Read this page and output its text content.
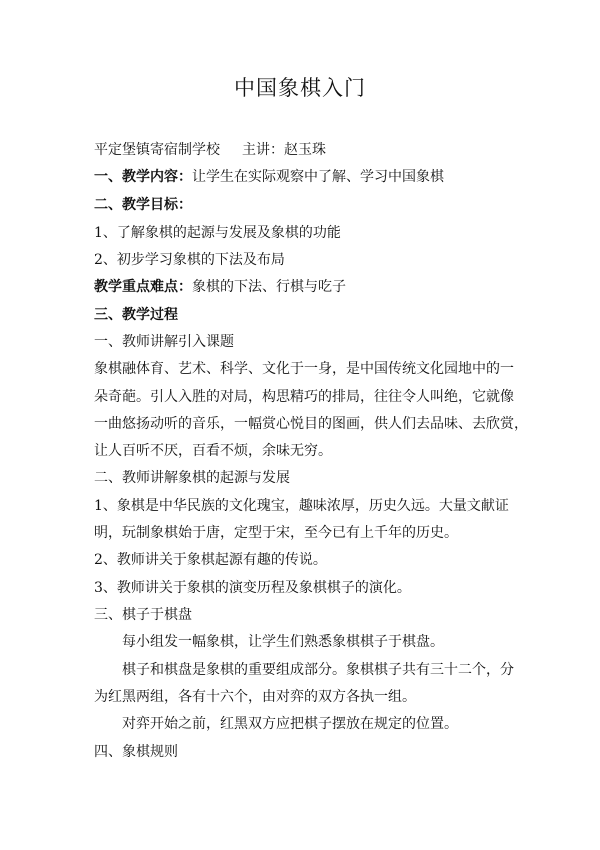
中国象棋入门
平定堡镇寄宿制学校 主讲：赵玉珠
一、教学内容：让学生在实际观察中了解、学习中国象棋
二、教学目标：
1、了解象棋的起源与发展及象棋的功能
2、初步学习象棋的下法及布局
教学重点难点：象棋的下法、行棋与吃子
三、教学过程
一、教师讲解引入课题
象棋融体育、艺术、科学、文化于一身，是中国传统文化园地中的一
朵奇葩。引人入胜的对局，构思精巧的排局，往往令人叫绝，它就像
一曲悠扬动听的音乐，一幅赏心悦目的图画，供人们去品味、去欣赏，
让人百听不厌，百看不烦，余味无穷。
二、教师讲解象棋的起源与发展
1、象棋是中华民族的文化瑰宝，趣味浓厚，历史久远。大量文献证
明，玩制象棋始于唐，定型于宋，至今已有上千年的历史。
2、教师讲关于象棋起源有趣的传说。
3、教师讲关于象棋的演变历程及象棋棋子的演化。
三、棋子于棋盘
每小组发一幅象棋，让学生们熟悉象棋棋子于棋盘。
棋子和棋盘是象棋的重要组成部分。象棋棋子共有三十二个，分
为红黑两组，各有十六个，由对弈的双方各执一组。
对弈开始之前，红黑双方应把棋子摆放在规定的位置。
四、象棋规则
